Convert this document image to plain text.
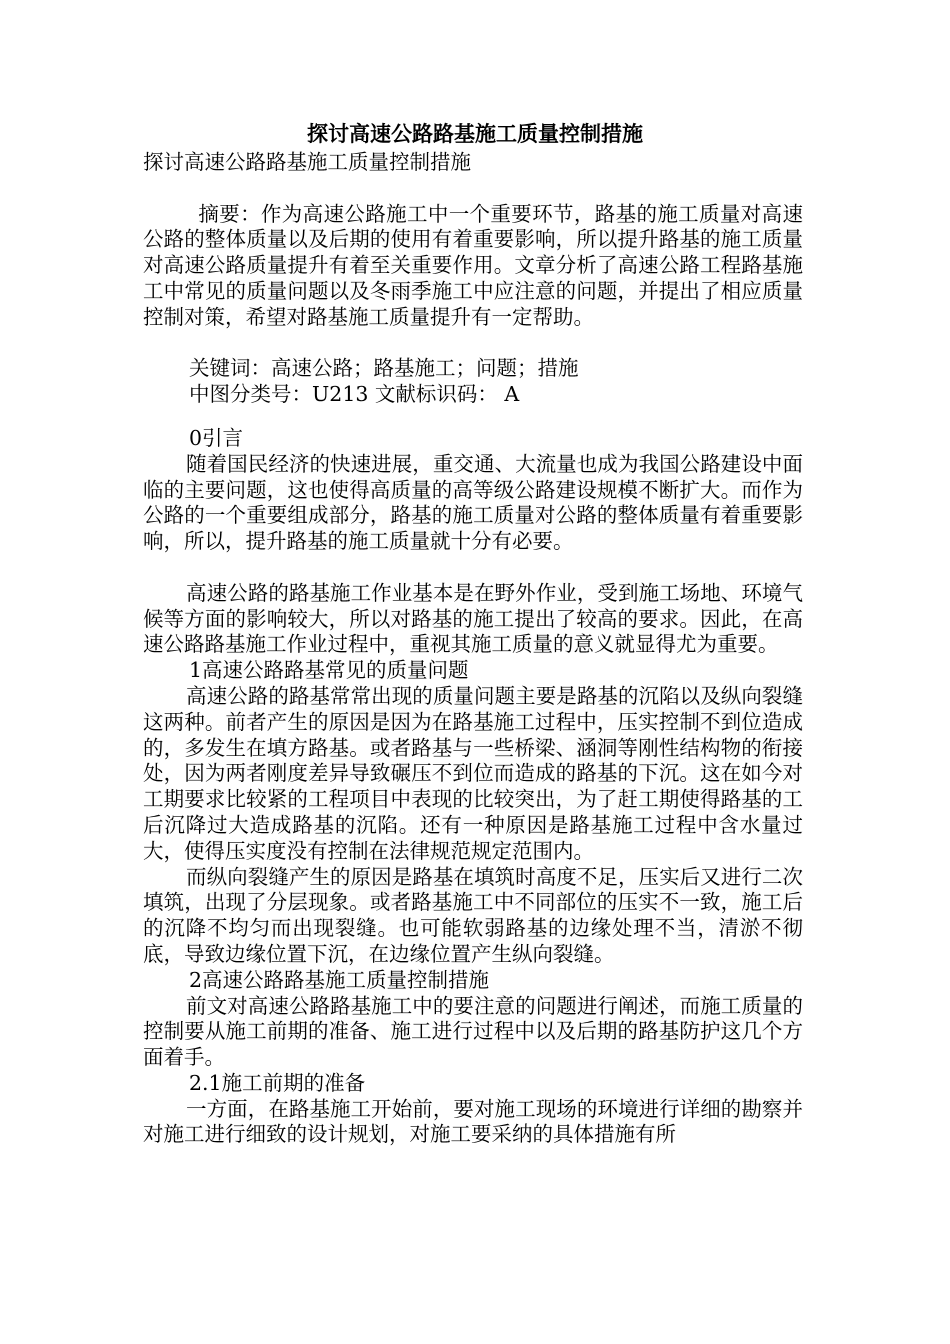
探讨高速公路路基施工质量控制措施

探讨高速公路路基施工质量控制措施

摘要：作为高速公路施工中一个重要环节，路基的施工质量对高速公路的整体质量以及后期的使用有着重要影响，所以提升路基的施工质量对高速公路质量提升有着至关重要作用。文章分析了高速公路工程路基施工中常见的质量问题以及冬雨季施工中应注意的问题，并提出了相应质量控制对策，希望对路基施工质量提升有一定帮助。

关键词：高速公路；路基施工；问题；措施

中图分类号：U213 文献标识码： A

0引言

随着国民经济的快速进展，重交通、大流量也成为我国公路建设中面临的主要问题，这也使得高质量的高等级公路建设规模不断扩大。而作为公路的一个重要组成部分，路基的施工质量对公路的整体质量有着重要影响，所以，提升路基的施工质量就十分有必要。

高速公路的路基施工作业基本是在野外作业，受到施工场地、环境气候等方面的影响较大，所以对路基的施工提出了较高的要求。因此，在高速公路路基施工作业过程中，重视其施工质量的意义就显得尤为重要。

1高速公路路基常见的质量问题

高速公路的路基常常出现的质量问题主要是路基的沉陷以及纵向裂缝这两种。前者产生的原因是因为在路基施工过程中，压实控制不到位造成的，多发生在填方路基。或者路基与一些桥梁、涵洞等刚性结构物的衔接处，因为两者刚度差异导致碾压不到位而造成的路基的下沉。这在如今对工期要求比较紧的工程项目中表现的比较突出，为了赶工期使得路基的工后沉降过大造成路基的沉陷。还有一种原因是路基施工过程中含水量过大，使得压实度没有控制在法律规范规定范围内。

而纵向裂缝产生的原因是路基在填筑时高度不足，压实后又进行二次填筑，出现了分层现象。或者路基施工中不同部位的压实不一致，施工后的沉降不均匀而出现裂缝。也可能软弱路基的边缘处理不当，清淤不彻底，导致边缘位置下沉，在边缘位置产生纵向裂缝。

2高速公路路基施工质量控制措施

前文对高速公路路基施工中的要注意的问题进行阐述，而施工质量的控制要从施工前期的准备、施工进行过程中以及后期的路基防护这几个方面着手。

2.1施工前期的准备

一方面，在路基施工开始前，要对施工现场的环境进行详细的勘察并对施工进行细致的设计规划，对施工要采纳的具体措施有所
